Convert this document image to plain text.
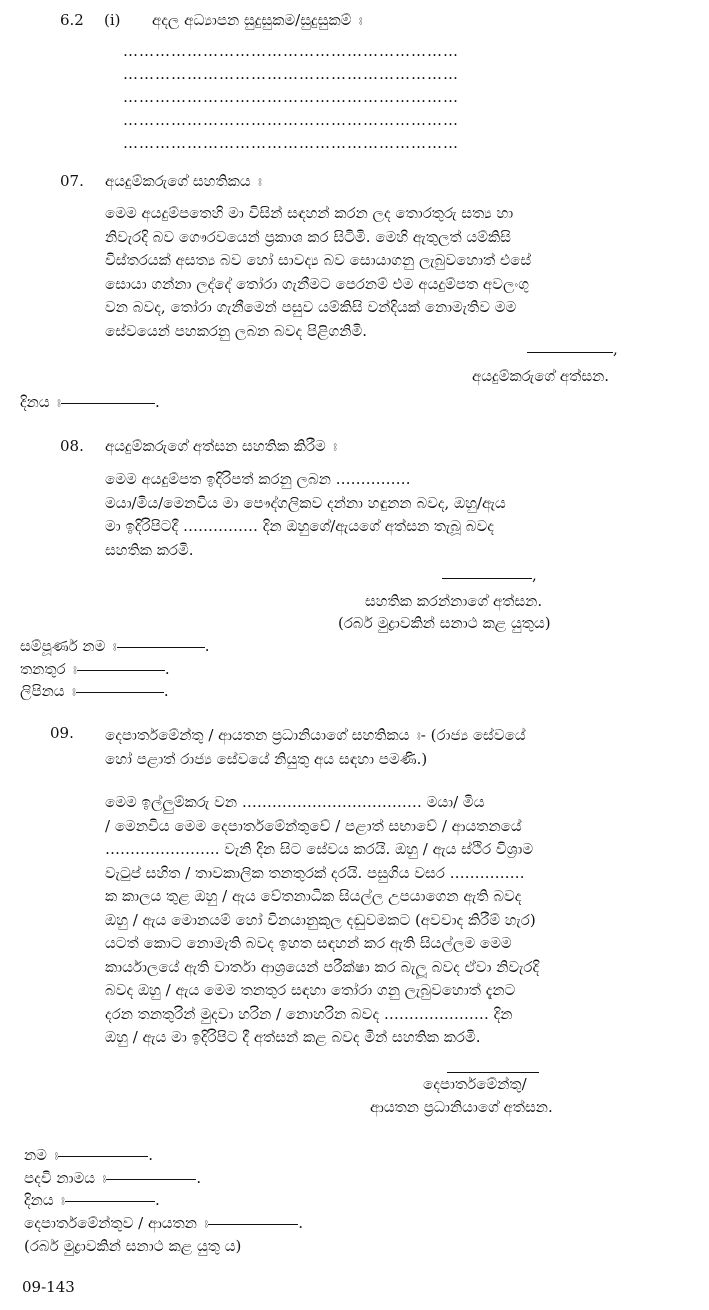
6.2 (i) අදල අධ්‍යාපන සුදුසුකම/සුදුසුකම් ඃ
………………………………………………………
………………………………………………………
………………………………………………………
………………………………………………………
………………………………………………………
07. අයදුම්කරුගේ සහතිකය ඃ
මෙම අයදුම්පතෙහි මා විසින් සඳහන් කරන ලද තොරතුරු සත්‍ය හා
නිවැරදි බව ගෞරවයෙන් ප්‍රකාශ කර සිටිමි. මෙහි ඇතුලත් යම්කිසි
විස්තරයක් අසත්‍ය බව හෝ සාවද්‍ය බව සොයාගනු ලැබුවහොත් එසේ
සොයා ගන්නා ලද්දේ තෝරා ගැනීමට පෙරනම් එම අයදුම්පත අවලංගු
වන බවද, තෝරා ගැනීමෙන් පසුව යම්කිසි වන්දියක් නොමැතිව මම
සේවයෙන් පහකරනු ලබන බවද පිළිගනිමි.
,
අයදුම්කරුගේ අත්සන.
දිනය ඃ	.
08. අයදුම්කරුගේ අත්සන සහතික කිරීම ඃ
මෙම අයදුම්පත ඉදිරිපත් කරනු ලබන ……………
මයා/මිය/මෙනවිය මා පෞද්ගලිකව දන්නා හඳුනන බවද, ඔහු/ඇය
මා ඉදිරිපිටදී …………… දින ඔහුගේ/ඇයගේ අත්සන තැබූ බවද
සහතික කරමි.
,
සහතික කරන්නාගේ අත්සන.
(රබර් මුද්‍රාවකින් සනාථ කළ යුතුය)
සම්පූර්ණ නම ඃ	.
තනතුර ඃ	.
ලිපිනය ඃ	.
09. දෙපාර්තමේන්තු / ආයතන ප්‍රධානියාගේ සහතිකය ඃ- (රාජ්‍ය සේවයේ
හෝ පළාත් රාජ්‍ය සේවයේ නියුතු අය සඳහා පමණි.)
මෙම ඉල්ලුම්කරු වන ……………………………… මයා/ මිය
/ මෙනවිය මෙම දෙපාර්තමේන්තුවේ / පළාත් සභාවේ / ආයතනයේ
………………….. වැනි දින සිට සේවය කරයි. ඔහු / ඇය ස්ථිර විශ්‍රාම
වැටුප් සහිත / තාවකාලික තනතුරක් දරයි. පසුගිය වසර ……………
ක කාලය තුළ ඔහු / ඇය වේතනාධික සියල්ල උපයාගෙන ඇති බවද
ඔහු / ඇය මොනයම් හෝ විනයානුකූල දඬුවමකට (අවවාද කිරීම් හැර)
යටත් කොට නොමැති බවද ඉහත සඳහන් කර ඇති සියල්ලම මෙම
කාර්යාලයේ ඇති වාර්තා ආශ්‍රයෙන් පරීක්ෂා කර බැලූ බවද ඒවා නිවැරදි
බවද ඔහු / ඇය මෙම තනතුර සඳහා තෝරා ගනු ලැබුවහොත් දැනට
දරන තනතුරින් මුදවා හරින / නොහරින බවද ………………… දින
ඔහු / ඇය මා ඉදිරිපිට දී අත්සන් කළ බවද මින් සහතික කරමි.
දෙපාර්තමේන්තු/
ආයතන ප්‍රධානියාගේ අත්සන.
නම ඃ	.
පදවි නාමය ඃ	.
දිනය ඃ	.
දෙපාර්තමේන්තුව / ආයතන ඃ	.
(රබර් මුද්‍රාවකින් සනාථ කළ යුතු ය)
09-143
